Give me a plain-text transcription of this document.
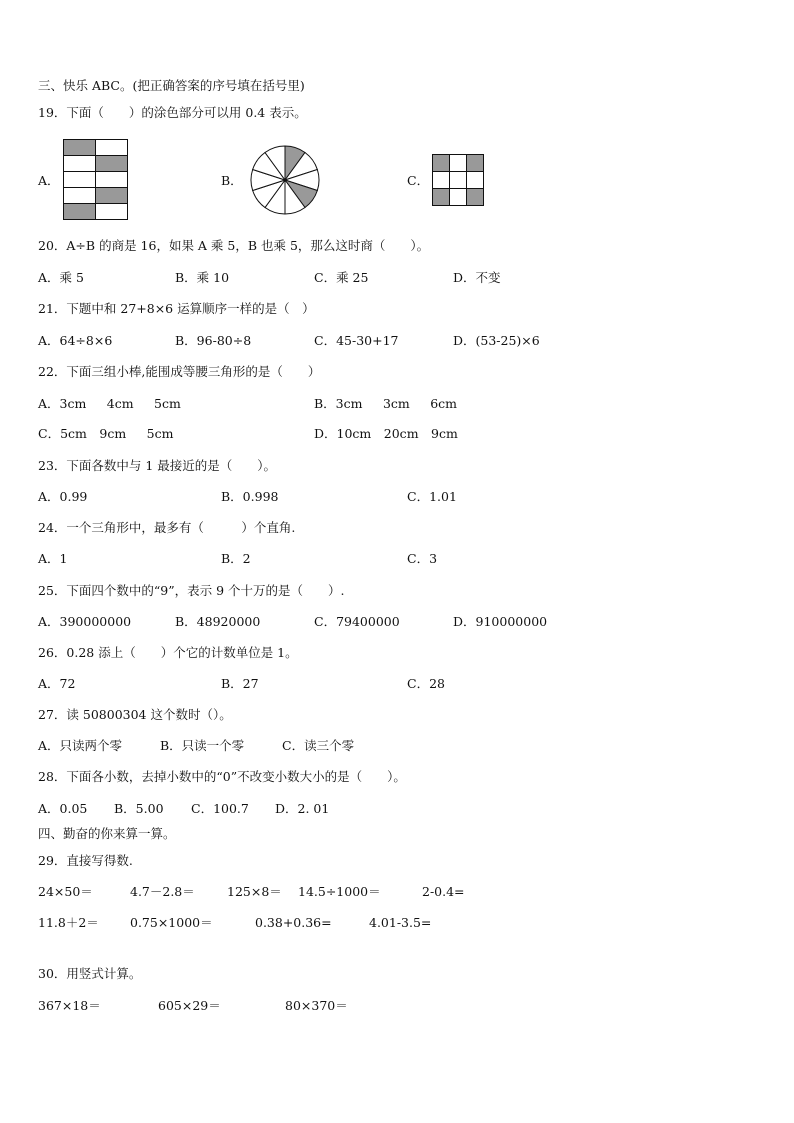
三、快乐 ABC。(把正确答案的序号填在括号里)
19．下面（　　）的涂色部分可以用 0.4 表示。
A．	B．	C．
20．A÷B 的商是 16，如果 A 乘 5，B 也乘 5，那么这时商（　　）。
A．乘 5	B．乘 10	C．乘 25	D．不变
21．下题中和 27+8×6 运算顺序一样的是（　）
A．64÷8×6	B．96-80÷8	C．45-30+17	D．(53-25)×6
22．下面三组小棒,能围成等腰三角形的是（　　）
A．3cm　  4cm　  5cm	B．3cm　  3cm　  6cm
C．5cm　9cm　  5cm	D．10cm　20cm　9cm
23．下面各数中与 1 最接近的是（　　）。
A．0.99	B．0.998	C．1.01
24．一个三角形中，最多有（　　　）个直角.
A．1	B．2	C．3
25．下面四个数中的“9”，表示 9 个十万的是（　　）.
A．390000000	B．48920000	C．79400000	D．910000000
26．0.28 添上（　　）个它的计数单位是 1。
A．72	B．27	C．28
27．读 50800304 这个数时（）。
A．只读两个零	B．只读一个零	C．读三个零
28．下面各小数，去掉小数中的“0”不改变小数大小的是（　　）。
A．0.05 B．5.00 C．100.7 D．2. 01
四、勤奋的你来算一算。
29．直接写得数.
24×50＝	4.7－2.8＝	125×8＝ 14.5÷1000＝	2-0.4=
11.8＋2＝ 0.75×1000＝	0.38+0.36=	4.01-3.5=
30．用竖式计算。
367×18＝	605×29＝	80×370＝
